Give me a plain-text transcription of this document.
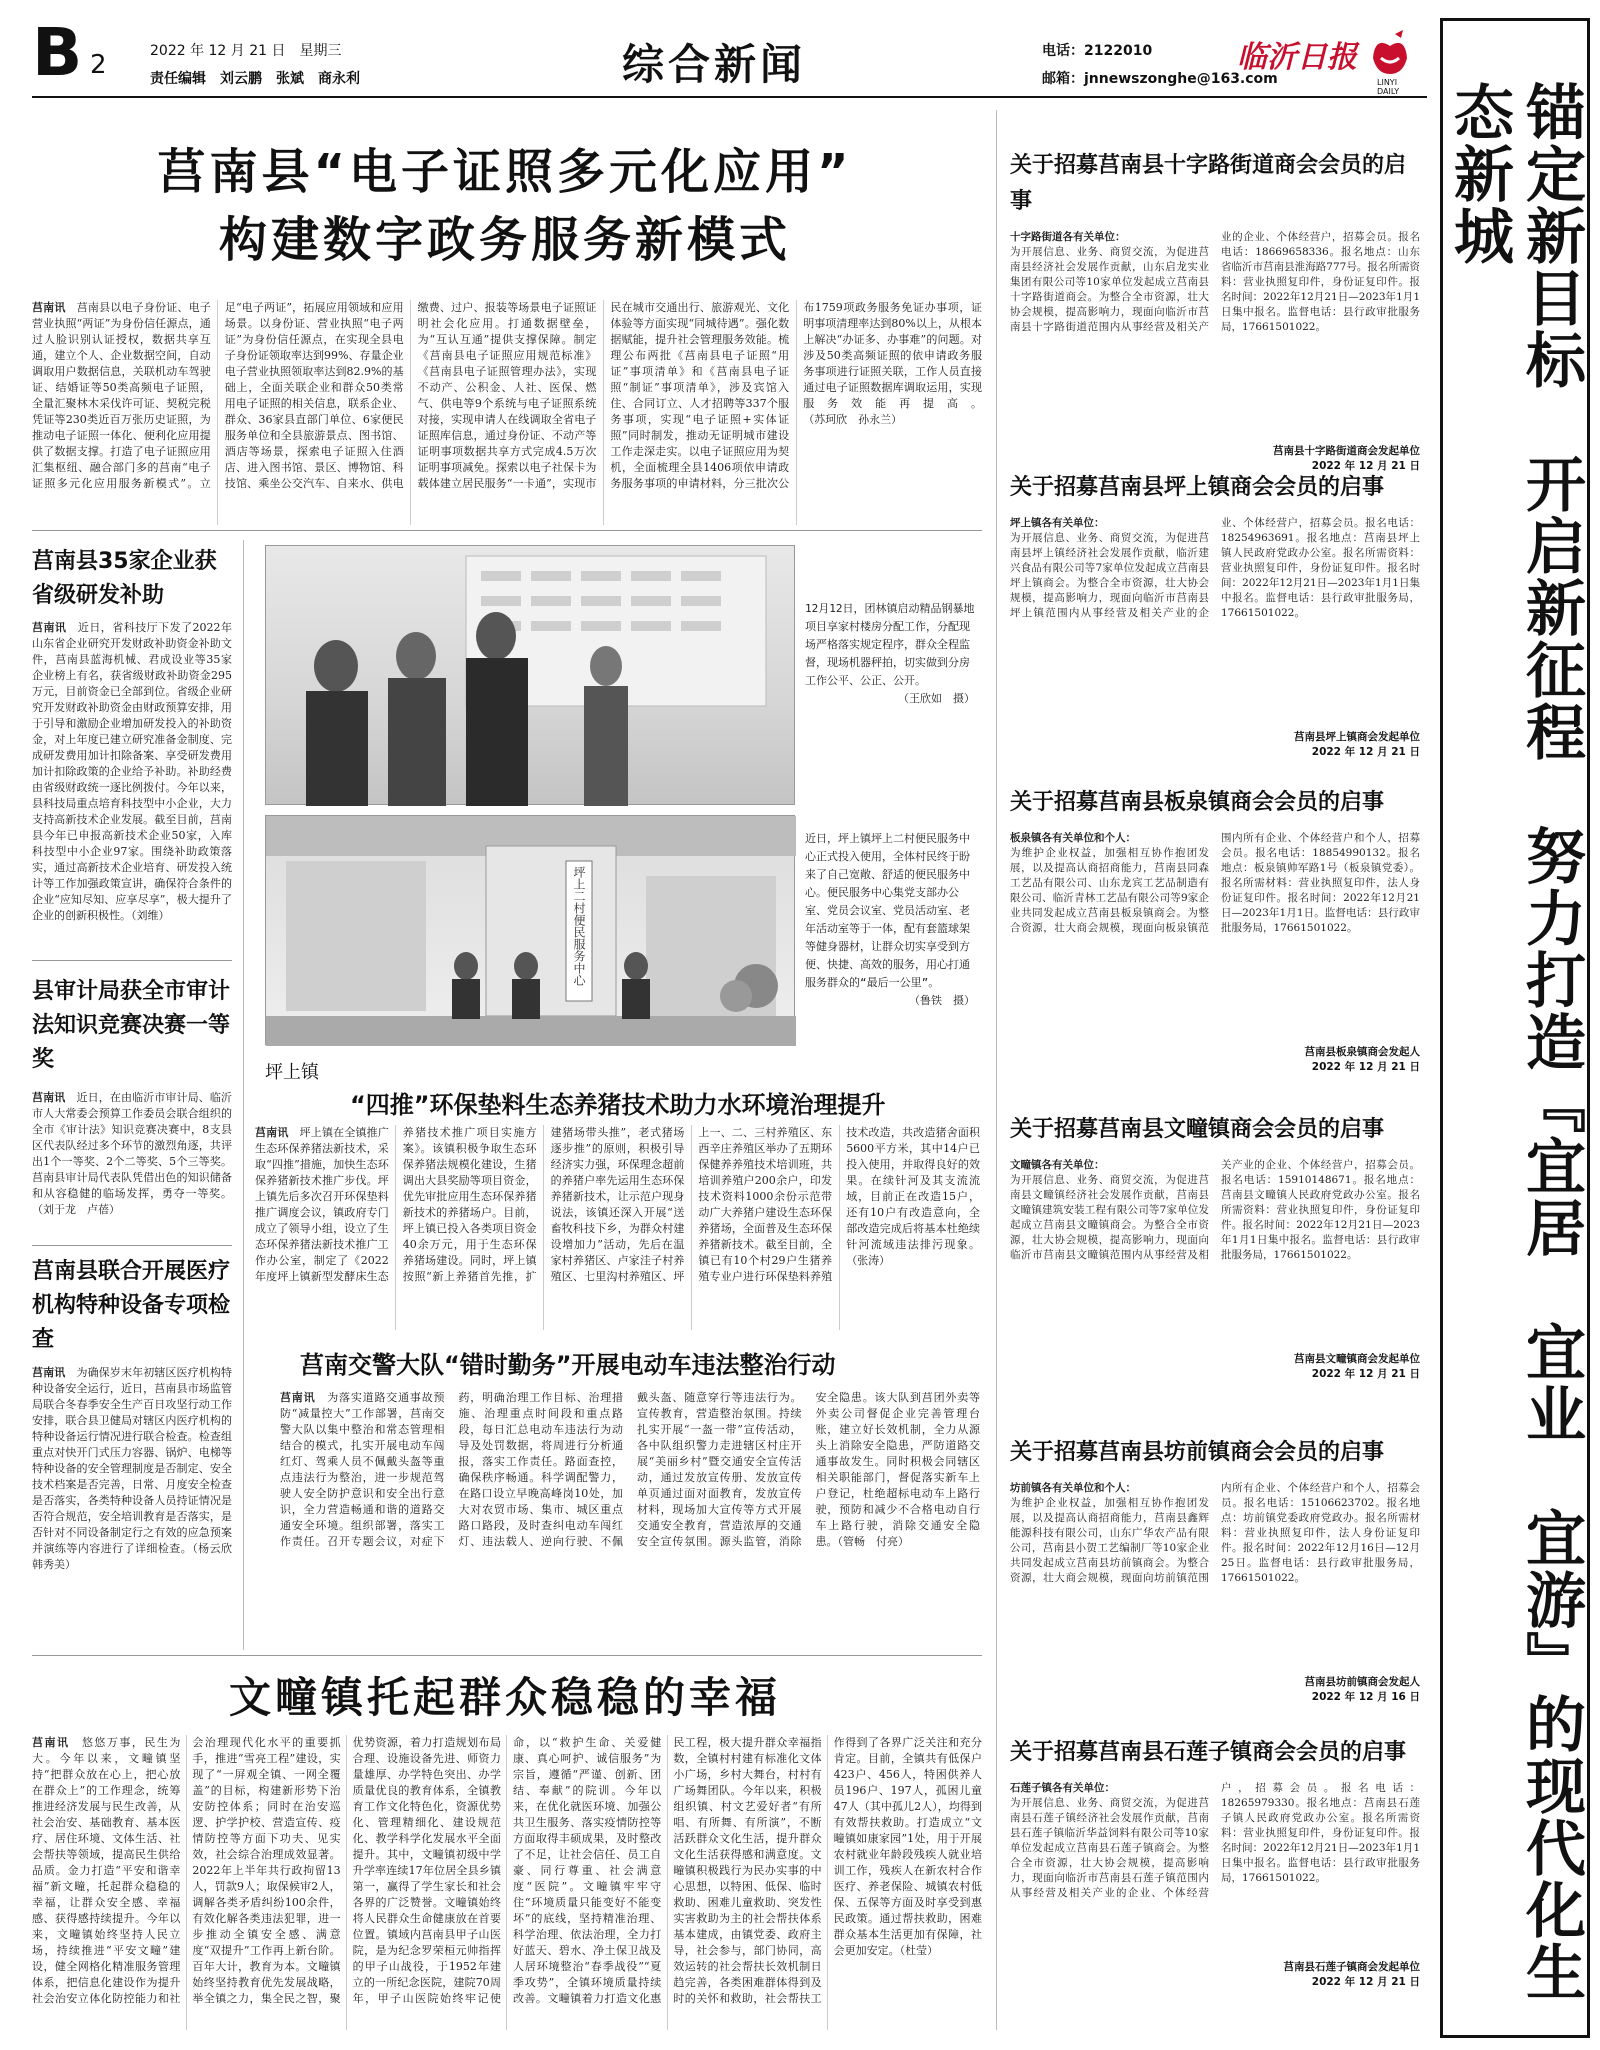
B 2	2022 年 12 月 21 日　星期三
责任编辑　刘云鹏　张斌　商永利	综合新闻	电话：2122010
邮箱：jnnewszonghe@163.com
临沂日报
LINYI DAILY
莒南县“电子证照多元化应用”
构建数字政务服务新模式
莒南讯　 莒南县以电子身份证、电子营业执照“两证”为身份信任源点，通过人脸识别认证授权，数据共享互通，建立个人、企业数据空间，自动调取用户数据信息，关联机动车驾驶证、结婚证等50类高频电子证照，全量汇聚林木采伐许可证、契税完税凭证等230类近百万张历史证照，为推动电子证照一体化、便利化应用提供了数据支撑。打造了电子证照应用汇集枢纽、融合部门多的莒南“电子证照多元化应用服务新模式”。立足“电子两证”，拓展应用领域和应用场景。以身份证、营业执照“电子两证”为身份信任源点，在实现全县电子身份证领取率达到99%、存量企业电子营业执照领取率达到82.9%的基础上，全面关联企业和群众50类常用电子证照的相关信息，联系企业、群众、36家县直部门单位、6家便民服务单位和全县旅游景点、图书馆、酒店等场景，探索电子证照入住酒店、进入图书馆、景区、博物馆、科技馆、乘坐公交汽车、自来水、供电缴费、过户、报装等场景电子证照证明社会化应用。打通数据壁垒，为“互认互通”提供支撑保障。制定《莒南县电子证照应用规范标准》《莒南县电子证照管理办法》，实现不动产、公积金、人社、医保、燃气、供电等9个系统与电子证照系统对接，实现申请人在线调取全省电子证照库信息，通过身份证、不动产等证明事项数据共享方式完成4.5万次证明事项减免。探索以电子社保卡为载体建立居民服务“一卡通”，实现市民在城市交通出行、旅游观光、文化体验等方面实现“同城待遇”。强化数据赋能，提升社会管理服务效能。梳理公布两批《莒南县电子证照“用证”事项清单》和《莒南县电子证照“制证”事项清单》，涉及宾馆入住、合同订立、人才招聘等337个服务事项，实现“电子证照+实体证照”同时制发，推动无证明城市建设工作走深走实。以电子证照应用为契机，全面梳理全县1406项依申请政务服务事项的申请材料，分三批次公布1759项政务服务免证办事项，证明事项清理率达到80%以上，从根本上解决“办证多、办事难”的问题。对涉及50类高频证照的依申请政务服务事项进行证照关联，工作人员直接通过电子证照数据库调取运用，实现服务效能再提高。（苏珂欣　孙永兰）
莒南县35家企业获省级研发补助
莒南讯　 近日，省科技厅下发了2022年山东省企业研究开发财政补助资金补助文件，莒南县蓝海机械、君成设业等35家企业榜上有名，获省级财政补助资金295万元，目前资金已全部到位。省级企业研究开发财政补助资金由财政预算安排，用于引导和激励企业增加研发投入的补助资金，对上年度已建立研究准备金制度、完成研发费用加计扣除备案、享受研发费用加计扣除政策的企业给予补助。补助经费由省级财政统一逐比例拨付。今年以来，县科技局重点培育科技型中小企业，大力支持高新技术企业发展。截至目前，莒南县今年已申报高新技术企业50家，入库科技型中小企业97家。围绕补助政策落实，通过高新技术企业培育、研发投入统计等工作加强政策宣讲，确保符合条件的企业“应知尽知、应享尽享”，极大提升了企业的创新积极性。（刘维）
县审计局获全市审计法知识竞赛决赛一等奖
莒南讯　 近日，在由临沂市审计局、临沂市人大常委会预算工作委员会联合组织的全市《审计法》知识竞赛决赛中，8支县区代表队经过多个环节的激烈角逐，共评出1个一等奖、2个二等奖、5个三等奖。莒南县审计局代表队凭借出色的知识储备和从容稳健的临场发挥，勇夺一等奖。（刘于龙　卢蓓）
莒南县联合开展医疗机构特种设备专项检查
莒南讯　 为确保岁末年初辖区医疗机构特种设备安全运行，近日，莒南县市场监管局联合冬春季安全生产百日攻坚行动工作安排，联合县卫健局对辖区内医疗机构的特种设备运行情况进行联合检查。检查组重点对快开门式压力容器、锅炉、电梯等特种设备的安全管理制度是否制定、安全技术档案是否完善，日常、月度安全检查是否落实，各类特种设备人员持证情况是否符合规范，安全培训教育是否落实，是否针对不同设备制定行之有效的应急预案并演练等内容进行了详细检查。（杨云欣　韩秀美）
12月12日，团林镇启动精品钢暴地项目享家村楼房分配工作，分配现场严格落实规定程序，群众全程监督，现场机器秤拍，切实做到分房工作公平、公正、公开。

（王欣如　摄）
坪上二村便民服务中心
近日，坪上镇坪上二村便民服务中心正式投入使用，全体村民终于盼来了自己宽敞、舒适的便民服务中心。便民服务中心集党支部办公室、党员会议室、党员活动室、老年活动室等于一体，配有套篮球架等健身器材，让群众切实享受到方便、快捷、高效的服务，用心打通服务群众的“最后一公里”。

（鲁铁　摄）
坪上镇
“四推”环保垫料生态养猪技术助力水环境治理提升
莒南讯　 坪上镇在全镇推广生态环保养猪法新技术，采取“四推”措施，加快生态环保养猪新技术推广步伐。坪上镇先后多次召开环保垫料推广调度会议，镇政府专门成立了领导小组，设立了生态环保养猪法新技术推广工作办公室，制定了《2022年度坪上镇新型发酵床生态养猪技术推广项目实施方案》。该镇积极争取生态环保养猪法规模化建设，生猪调出大县奖励等项目资金，优先审批应用生态环保养猪新技术的养猪场户。目前，坪上镇已投入各类项目资金40余万元，用于生态环保养猪场建设。同时，坪上镇按照“新上养猪首先推，扩建猪场带头推”，老式猪场逐步推”的原则，积极引导经济实力强，环保理念超前的养猪户率先运用生态环保养猪新技术，让示范户现身说法，该镇还深入开展“送畜牧科技下乡，为群众村建设增加力”活动，先后在温家村养猪区、卢家洼子村养殖区、七里沟村养殖区、坪上一、二、三村养殖区、东西辛庄养殖区举办了五期环保健养养殖技术培训班，共培训养殖户200余户，印发技术资料1000余份示范带动广大养猪户建设生态环保养猪场，全面普及生态环保养猪新技术。截至目前，全镇已有10个村29户生猪养殖专业户进行环保垫料养殖技术改造，共改造猪舍面积5600平方米，其中14户已投入使用，并取得良好的效果。在续针河及其支流流域，目前正在改造15户，还有10户有改造意向，全部改造完成后将基本杜绝续针河流域违法排污现象。（张涛）
莒南交警大队“错时勤务”开展电动车违法整治行动
莒南讯　 为落实道路交通事故预防“减量控大”工作部署，莒南交警大队以集中整治和常态管理相结合的模式，扎实开展电动车闯红灯、驾乘人员不佩戴头盔等重点违法行为整治，进一步规范驾驶人安全防护意识和安全出行意识，全力营造畅通和谐的道路交通安全环境。组织部署，落实工作责任。召开专题会议，对症下药，明确治理工作目标、治理措施、治理重点时间段和重点路段，每日汇总电动车违法行为动导及处罚数据，将周进行分析通报，落实工作责任。路面查控，确保秩序畅通。科学调配警力，在路口设立早晚高峰岗10处，加大对农贸市场、集市、城区重点路口路段，及时查纠电动车闯红灯、违法载人、逆向行驶、不佩戴头盔、随意穿行等违法行为。宣传教育，营造整治氛围。持续扎实开展“一盔一带”宣传活动，各中队组织警力走进辖区村庄开展“美丽乡村”暨交通安全宣传活动，通过发放宣传册、发放宣传单页通过面对面教育，发放宣传材料，现场加大宣传等方式开展交通安全教育，营造浓厚的交通安全宣传氛围。源头监管，消除安全隐患。该大队到莒团外卖等外卖公司督促企业完善管理台账，建立好长效机制，全力从源头上消除安全隐患，严防道路交通事故发生。同时积极会同辖区相关职能部门，督促落实新车上户登记，杜绝超标电动车上路行驶，预防和减少不合格电动自行车上路行驶，消除交通安全隐患。（管畅　付亮）
文疃镇托起群众稳稳的幸福
莒南讯　 悠悠万事，民生为大。今年以来，文疃镇坚持“把群众放在心上，把心放在群众上”的工作理念，统筹推进经济发展与民生改善，从社会治安、基础教育、基本医疗、居住环境、文体生活、社会帮扶等领域，提高民生供给品质。金力打造“平安和谐幸福”新文疃，托起群众稳稳的幸福，让群众安全感、幸福感、获得感持续提升。今年以来，文疃镇始终坚持人民立场，持续推进“平安文疃”建设，健全网格化精准服务管理体系，把信息化建设作为提升社会治安立体化防控能力和社会治理现代化水平的重要抓手，推进“雪亮工程”建设，实现了“一屏观全镇、一网全覆盖”的目标，构建新形势下治安防控体系；同时在治安巡逻、护学护校、营造宣传、疫情防控等方面下功夫、见实效，社会综合治理成效显著。2022年上半年共行政拘留13人，罚款9人；取保候审2人，调解各类矛盾纠纷100余件，有效化解各类违法犯罪，进一步推动全镇安全感、满意度“双提升”工作再上新台阶。百年大计，教育为本。文疃镇始终坚持教育优先发展战略，举全镇之力，集全民之智，聚优势资源，着力打造规划布局合理、设施设备先进、师资力量雄厚、办学特色突出、办学质量优良的教育体系，全镇教育工作文化特色化，资源优势化、管理精细化、建设规范化、教学科学化发展水平全面提升。其中，文疃镇初级中学升学率连续17年位居全县乡镇第一，赢得了学生家长和社会各界的广泛赞誉。文疃镇始终将人民群众生命健康放在首要位置。镇域内莒南县甲子山医院，是为纪念罗荣桓元帅指挥的甲子山战役，于1952年建立的一所纪念医院，建院70周年，甲子山医院始终牢记使命，以“救护生命、关爱健康、真心呵护、诚信服务”为宗旨，遵循“严谨、创新、团结、奉献”的院训。今年以来，在优化就医环境、加强公共卫生服务、落实疫情防控等方面取得丰硕成果，及时整改了不足，让社会信任、员工自豪、同行尊重、社会满意度“医院”。文疃镇牢牢守住“环境质量只能变好不能变坏”的底线，坚持精准治理、科学治理、依法治理，全力打好蓝天、碧水、净土保卫战及人居环境整治“春季战役”“夏季攻势”，全镇环境质量持续改善。文疃镇着力打造文化惠民工程，极大提升群众幸福指数，全镇村村建有标准化文体小广场，乡村大舞台，村村有广场舞团队。今年以来，积极组织镇、村文艺爱好者“有所唱、有所舞、有所演”，不断活跃群众文化生活，提升群众文化生活获得感和满意度。文疃镇积极践行为民办实事的中心思想，以特困、低保、临时救助、困难儿童救助、突发性实害救助为主的社会帮扶体系基本建成，由镇党委、政府主导，社会参与，部门协同，高效运转的社会帮扶长效机制日趋完善，各类困难群体得到及时的关怀和救助，社会帮扶工作得到了各界广泛关注和充分肯定。目前，全镇共有低保户423户、456人，特困供养人员196户、197人，孤困儿童47人（其中孤儿2人），均得到有效帮扶救助。打造成立“文疃镇如康家园”1处，用于开展农村就业年龄段残疾人就业培训工作，残疾人在新农村合作医疗、养老保险、城镇农村低保、五保等方面及时享受到惠民政策。通过帮扶救助，困难群众基本生活更加有保障，社会更加安定。（杜莹）
关于招募莒南县十字路街道商会会员的启事
十字路街道各有关单位：
为开展信息、业务、商贸交流，为促进莒南县经济社会发展作贡献，山东启龙实业集团有限公司等10家单位发起成立莒南县十字路街道商会。为整合全市资源，壮大协会规模，提高影响力，现面向临沂市莒南县十字路街道范围内从事经营及相关产业的企业、个体经营户，招募会员。报名电话：18669658336。报名地点：山东省临沂市莒南县淮海路777号。报名所需资料：营业执照复印件，身份证复印件。报名时间：2022年12月21日—2023年1月1日集中报名。监督电话：县行政审批服务局，17661501022。
莒南县十字路街道商会发起单位
2022 年 12 月 21 日
关于招募莒南县坪上镇商会会员的启事
坪上镇各有关单位：
为开展信息、业务、商贸交流，为促进莒南县坪上镇经济社会发展作贡献，临沂建兴食品有限公司等7家单位发起成立莒南县坪上镇商会。为整合全市资源，壮大协会规模，提高影响力，现面向临沂市莒南县坪上镇范围内从事经营及相关产业的企业、个体经营户，招募会员。报名电话：18254963691。报名地点：莒南县坪上镇人民政府党政办公室。报名所需资料：营业执照复印件，身份证复印件。报名时间：2022年12月21日—2023年1月1日集中报名。监督电话：县行政审批服务局，17661501022。
莒南县坪上镇商会发起单位
2022 年 12 月 21 日
关于招募莒南县板泉镇商会会员的启事
板泉镇各有关单位和个人：
为维护企业权益，加强相互协作抱团发展，以及提高认商招商能力，莒南县同森工艺品有限公司、山东龙宾工艺品制造有限公司、临沂青林工艺品有限公司等9家企业共同发起成立莒南县板泉镇商会。为整合资源，壮大商会规模，现面向板泉镇范围内所有企业、个体经营户和个人，招募会员。报名电话：18854990132。报名地点：板泉镇帅军路1号（板泉镇党委）。报名所需材料：营业执照复印件，法人身份证复印件。报名时间：2022年12月21日—2023年1月1日。监督电话：县行政审批服务局，17661501022。
莒南县板泉镇商会发起人
2022 年 12 月 21 日
关于招募莒南县文疃镇商会会员的启事
文疃镇各有关单位：
为开展信息、业务、商贸交流，为促进莒南县文疃镇经济社会发展作贡献，莒南县文疃镇建筑安装工程有限公司等7家单位发起成立莒南县文疃镇商会。为整合全市资源，壮大协会规模，提高影响力，现面向临沂市莒南县文疃镇范围内从事经营及相关产业的企业、个体经营户，招募会员。报名电话：15910148671。报名地点：莒南县文疃镇人民政府党政办公室。报名所需资料：营业执照复印件，身份证复印件。报名时间：2022年12月21日—2023年1月1日集中报名。监督电话：县行政审批服务局，17661501022。
莒南县文疃镇商会发起单位
2022 年 12 月 21 日
关于招募莒南县坊前镇商会会员的启事
坊前镇各有关单位和个人：
为维护企业权益，加强相互协作抱团发展，以及提高认商招商能力，莒南县鑫辉能源科技有限公司，山东广华农产品有限公司，莒南县小贺工艺编制厂等10家企业共同发起成立莒南县坊前镇商会。为整合资源，壮大商会规模，现面向坊前镇范围内所有企业、个体经营户和个人，招募会员。报名电话：15106623702。报名地点：坊前镇党委政府党政办。报名所需材料：营业执照复印件，法人身份证复印件。报名时间：2022年12月16日—12月25日。监督电话：县行政审批服务局，17661501022。
莒南县坊前镇商会发起人
2022 年 12 月 16 日
关于招募莒南县石莲子镇商会会员的启事
石莲子镇各有关单位：
为开展信息、业务、商贸交流，为促进莒南县石莲子镇经济社会发展作贡献，莒南县石莲子镇临沂华益饲料有限公司等10家单位发起成立莒南县石莲子镇商会。为整合全市资源，壮大协会规模，提高影响力，现面向临沂市莒南县石莲子镇范围内从事经营及相关产业的企业、个体经营户，招募会员。报名电话：18265979330。报名地点：莒南县石莲子镇人民政府党政办公室。报名所需资料：营业执照复印件，身份证复印件。报名时间：2022年12月21日—2023年1月1日集中报名。监督电话：县行政审批服务局，17661501022。
莒南县石莲子镇商会发起单位
2022 年 12 月 21 日	锚定新目标　开启新征程　努力打造『宜居　宜业　宜游』的现代化生态新城
